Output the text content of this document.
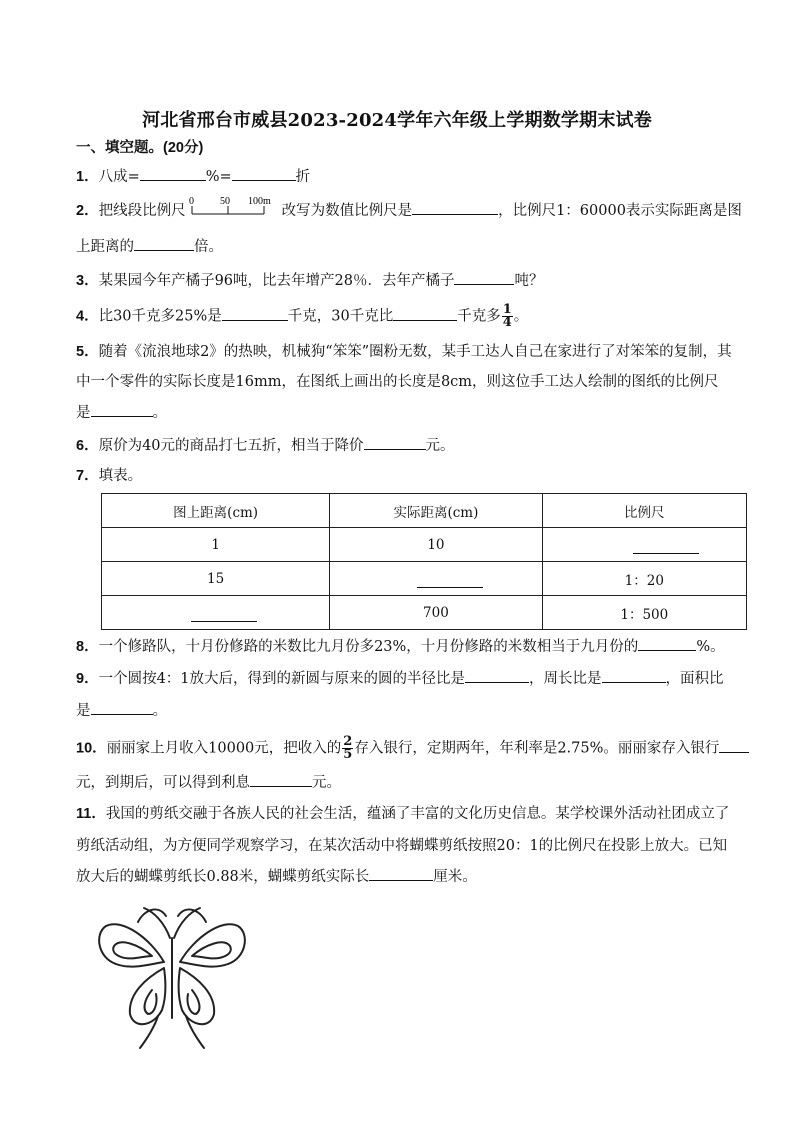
河北省邢台市威县2023-2024学年六年级上学期数学期末试卷
一、填空题。(20分)
1．八成=	%=	折
2．把线段比例尺
0	50 100m
改写为数值比例尺是	，比例尺1：60000表示实际距离是图
上距离的	倍。
3．某果园今年产橘子96吨，比去年增产28％．去年产橘子	吨？
4．比30千克多25%是	千克，30千克比	千克多 $\frac{1}{4}$ 。
5．随着《流浪地球2》的热映，机械狗“笨笨”圈粉无数，某手工达人自己在家进行了对笨笨的复制，其
中一个零件的实际长度是16mm，在图纸上画出的长度是8cm，则这位手工达人绘制的图纸的比例尺
是	。
6．原价为40元的商品打七五折，相当于降价	元。
7．填表。
图上距离(cm)	实际距离(cm)	比例尺
1	10	
15		1：20
	700	1：500
8．一个修路队，十月份修路的米数比九月份多23%，十月份修路的米数相当于九月份的	%。
9．一个圆按4：1放大后，得到的新圆与原来的圆的半径比是	，周长比是	，面积比
是	。
10．丽丽家上月收入10000元，把收入的 $\frac{2}{5}$ 存入银行，定期两年，年利率是2.75%。丽丽家存入银行
元，到期后，可以得到利息	元。
11．我国的剪纸交融于各族人民的社会生活，蕴涵了丰富的文化历史信息。某学校课外活动社团成立了
剪纸活动组，为方便同学观察学习，在某次活动中将蝴蝶剪纸按照20：1的比例尺在投影上放大。已知
放大后的蝴蝶剪纸长0.88米，蝴蝶剪纸实际长	厘米。
